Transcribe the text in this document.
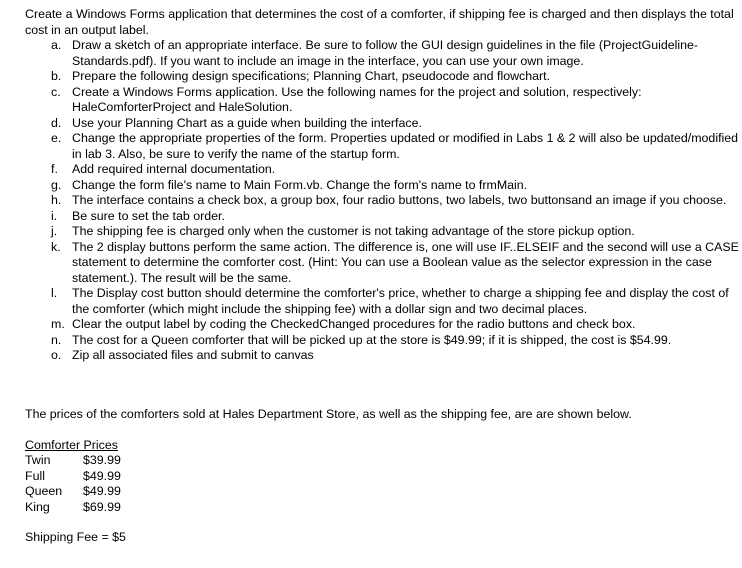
Create a Windows Forms application that determines the cost of a comforter, if shipping fee is charged and then displays the total cost in an output label.
a. Draw a sketch of an appropriate interface. Be sure to follow the GUI design guidelines in the file (ProjectGuideline-Standards.pdf). If you want to include an image in the interface, you can use your own image.
b. Prepare the following design specifications; Planning Chart, pseudocode and flowchart.
c. Create a Windows Forms application. Use the following names for the project and solution, respectively: HaleComforterProject and HaleSolution.
d. Use your Planning Chart as a guide when building the interface.
e. Change the appropriate properties of the form. Properties updated or modified in Labs 1 & 2 will also be updated/modified in lab 3. Also, be sure to verify the name of the startup form.
f.	Add required internal documentation.
g. Change the form file's name to Main Form.vb. Change the form's name to frmMain.
h. The interface contains a check box, a group box, four radio buttons, two labels, two buttonsand an image if you choose.
i.	Be sure to set the tab order.
j.	The shipping fee is charged only when the customer is not taking advantage of the store pickup option.
k. The 2 display buttons perform the same action. The difference is, one will use IF..ELSEIF and the second will use a CASE statement to determine the comforter cost. (Hint: You can use a Boolean value as the selector expression in the case statement.). The result will be the same.
l.	The Display cost button should determine the comforter's price, whether to charge a shipping fee and display the cost of the comforter (which might include the shipping fee) with a dollar sign and two decimal places.
m. Clear the output label by coding the CheckedChanged procedures for the radio buttons and check box.
n. The cost for a Queen comforter that will be picked up at the store is $49.99; if it is shipped, the cost is $54.99.
o. Zip all associated files and submit to canvas
The prices of the comforters sold at Hales Department Store, as well as the shipping fee, are are shown below.
Comforter Prices
Twin	$39.99
Full	$49.99
Queen	$49.99
King	$69.99
Shipping Fee = $5
